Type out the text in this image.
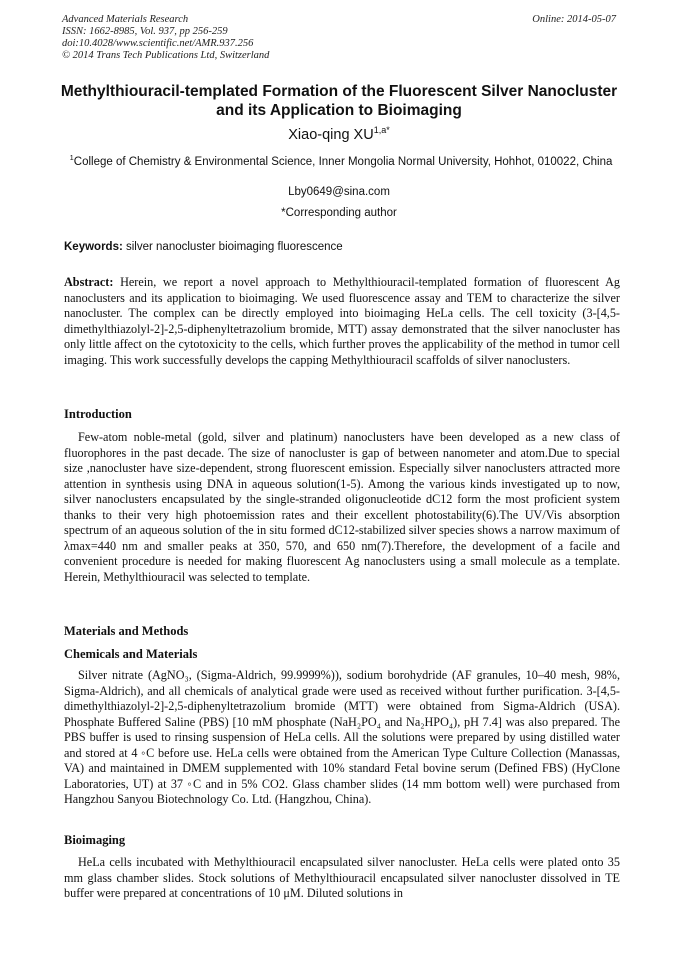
Advanced Materials Research
ISSN: 1662-8985, Vol. 937, pp 256-259
doi:10.4028/www.scientific.net/AMR.937.256
© 2014 Trans Tech Publications Ltd, Switzerland
Online: 2014-05-07
Methylthiouracil-templated Formation of the Fluorescent Silver Nanocluster and its Application to Bioimaging
Xiao-qing $XU^{1,a*}$
$^1$College of Chemistry & Environmental Science, Inner Mongolia Normal University, Hohhot, 010022, China
Lby0649@sina.com
*Corresponding author
Keywords: silver nanocluster bioimaging fluorescence
Abstract: Herein, we report a novel approach to Methylthiouracil-templated formation of fluorescent Ag nanoclusters and its application to bioimaging. We used fluorescence assay and TEM to characterize the silver nanocluster. The complex can be directly employed into bioimaging HeLa cells. The cell toxicity (3-[4,5-dimethylthiazolyl-2]-2,5-diphenyltetrazolium bromide, MTT) assay demonstrated that the silver nanocluster has only little affect on the cytotoxicity to the cells, which further proves the applicability of the method in tumor cell imaging. This work successfully develops the capping Methylthiouracil scaffolds of silver nanoclusters.
Introduction
Few-atom noble-metal (gold, silver and platinum) nanoclusters have been developed as a new class of fluorophores in the past decade. The size of nanocluster is gap of between nanometer and atom.Due to special size ,nanocluster have size-dependent, strong fluorescent emission. Especially silver nanoclusters attracted more attention in synthesis using DNA in aqueous solution(1-5). Among the various kinds investigated up to now, silver nanoclusters encapsulated by the single-stranded oligonucleotide dC12 form the most proficient system thanks to their very high photoemission rates and their excellent photostability(6).The UV/Vis absorption spectrum of an aqueous solution of the in situ formed dC12-stabilized silver species shows a narrow maximum of λmax=440 nm and smaller peaks at 350, 570, and 650 nm(7).Therefore, the development of a facile and convenient procedure is needed for making fluorescent Ag nanoclusters using a small molecule as a template. Herein, Methylthiouracil was selected to template.
Materials and Methods
Chemicals and Materials
Silver nitrate (AgNO₃, (Sigma-Aldrich, 99.9999%)), sodium borohydride (AF granules, 10–40 mesh, 98%, Sigma-Aldrich), and all chemicals of analytical grade were used as received without further purification. 3-[4,5-dimethylthiazolyl-2]-2,5-diphenyltetrazolium bromide (MTT) were obtained from Sigma-Aldrich (USA). Phosphate Buffered Saline (PBS) [10 mM phosphate (NaH₂PO₄ and Na₂HPO₄), pH 7.4] was also prepared. The PBS buffer is used to rinsing suspension of HeLa cells. All the solutions were prepared by using distilled water and stored at 4 ◦C before use. HeLa cells were obtained from the American Type Culture Collection (Manassas, VA) and maintained in DMEM supplemented with 10% standard Fetal bovine serum (Defined FBS) (HyClone Laboratories, UT) at 37 ◦C and in 5% CO2. Glass chamber slides (14 mm bottom well) were purchased from Hangzhou Sanyou Biotechnology Co. Ltd. (Hangzhou, China).
Bioimaging
HeLa cells incubated with Methylthiouracil encapsulated silver nanocluster. HeLa cells were plated onto 35 mm glass chamber slides. Stock solutions of Methylthiouracil encapsulated silver nanocluster dissolved in TE buffer were prepared at concentrations of 10 μM. Diluted solutions in
